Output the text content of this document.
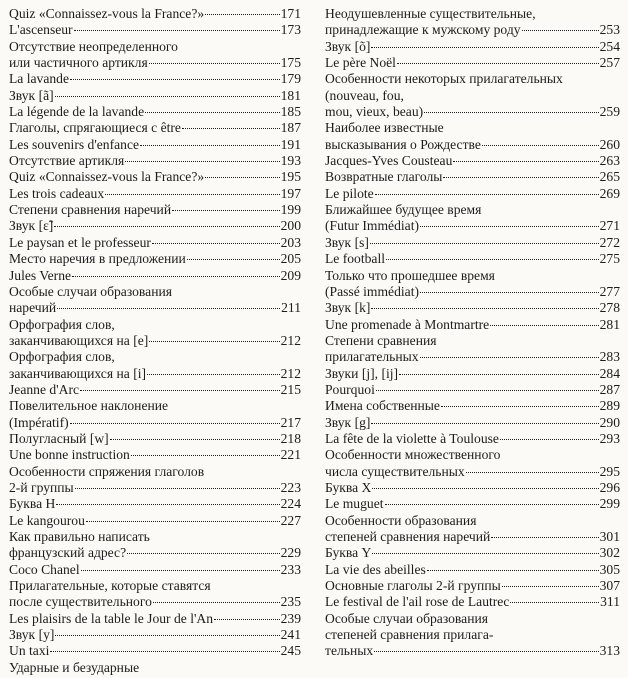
Quiz «Connaissez-vous la France?»	171
L'ascenseur	173
Отсутствие неопределенного
или частичного артикля	175
La lavande	179
Звук [ã]	181
La légende de la lavande	185
Глаголы, спрягающиеся с être	187
Les souvenirs d'enfance	191
Отсутствие артикля	193
Quiz «Connaissez-vous la France?»	195
Les trois cadeaux	197
Степени сравнения наречий	199
Звук [ɛ̃]	200
Le paysan et le professeur	203
Место наречия в предложении	205
Jules Verne	209
Особые случаи образования
наречий	211
Орфография слов,
заканчивающихся на [e]	212
Орфография слов,
заканчивающихся на [i]	212
Jeanne d'Arc	215
Повелительное наклонение
(Impératif)	217
Полугласный [w]	218
Une bonne instruction	221
Особенности спряжения глаголов
2-й группы	223
Буква H	224
Le kangourou	227
Как правильно написать
французский адрес?	229
Coco Chanel	233
Прилагательные, которые ставятся
после существительного	235
Les plaisirs de la table le Jour de l'An	239
Звук [y]	241
Un taxi	245
Ударные и безударные
Неодушевленные существительные,
принадлежащие к мужскому роду	253
Звук [õ]	254
Le père Noël	257
Особенности некоторых прилагательных
(nouveau, fou,
mou, vieux, beau)	259
Наиболее известные
высказывания о Рождестве	260
Jacques-Yves Cousteau	263
Возвратные глаголы	265
Le pilote	269
Ближайшее будущее время
(Futur Immédiat)	271
Звук [s]	272
Le football	275
Только что прошедшее время
(Passé immédiat)	277
Звук [k]	278
Une promenade à Montmartre	281
Степени сравнения
прилагательных	283
Звуки [j], [ij]	284
Pourquoi	287
Имена собственные	289
Звук [g]	290
La fête de la violette à Toulouse	293
Особенности множественного
числа существительных	295
Буква X	296
Le muguet	299
Особенности образования
степеней сравнения наречий	301
Буква Y	302
La vie des abeilles	305
Основные глаголы 2-й группы	307
Le festival de l'ail rose de Lautrec	311
Особые случаи образования
степеней сравнения прилага-
тельных	313
